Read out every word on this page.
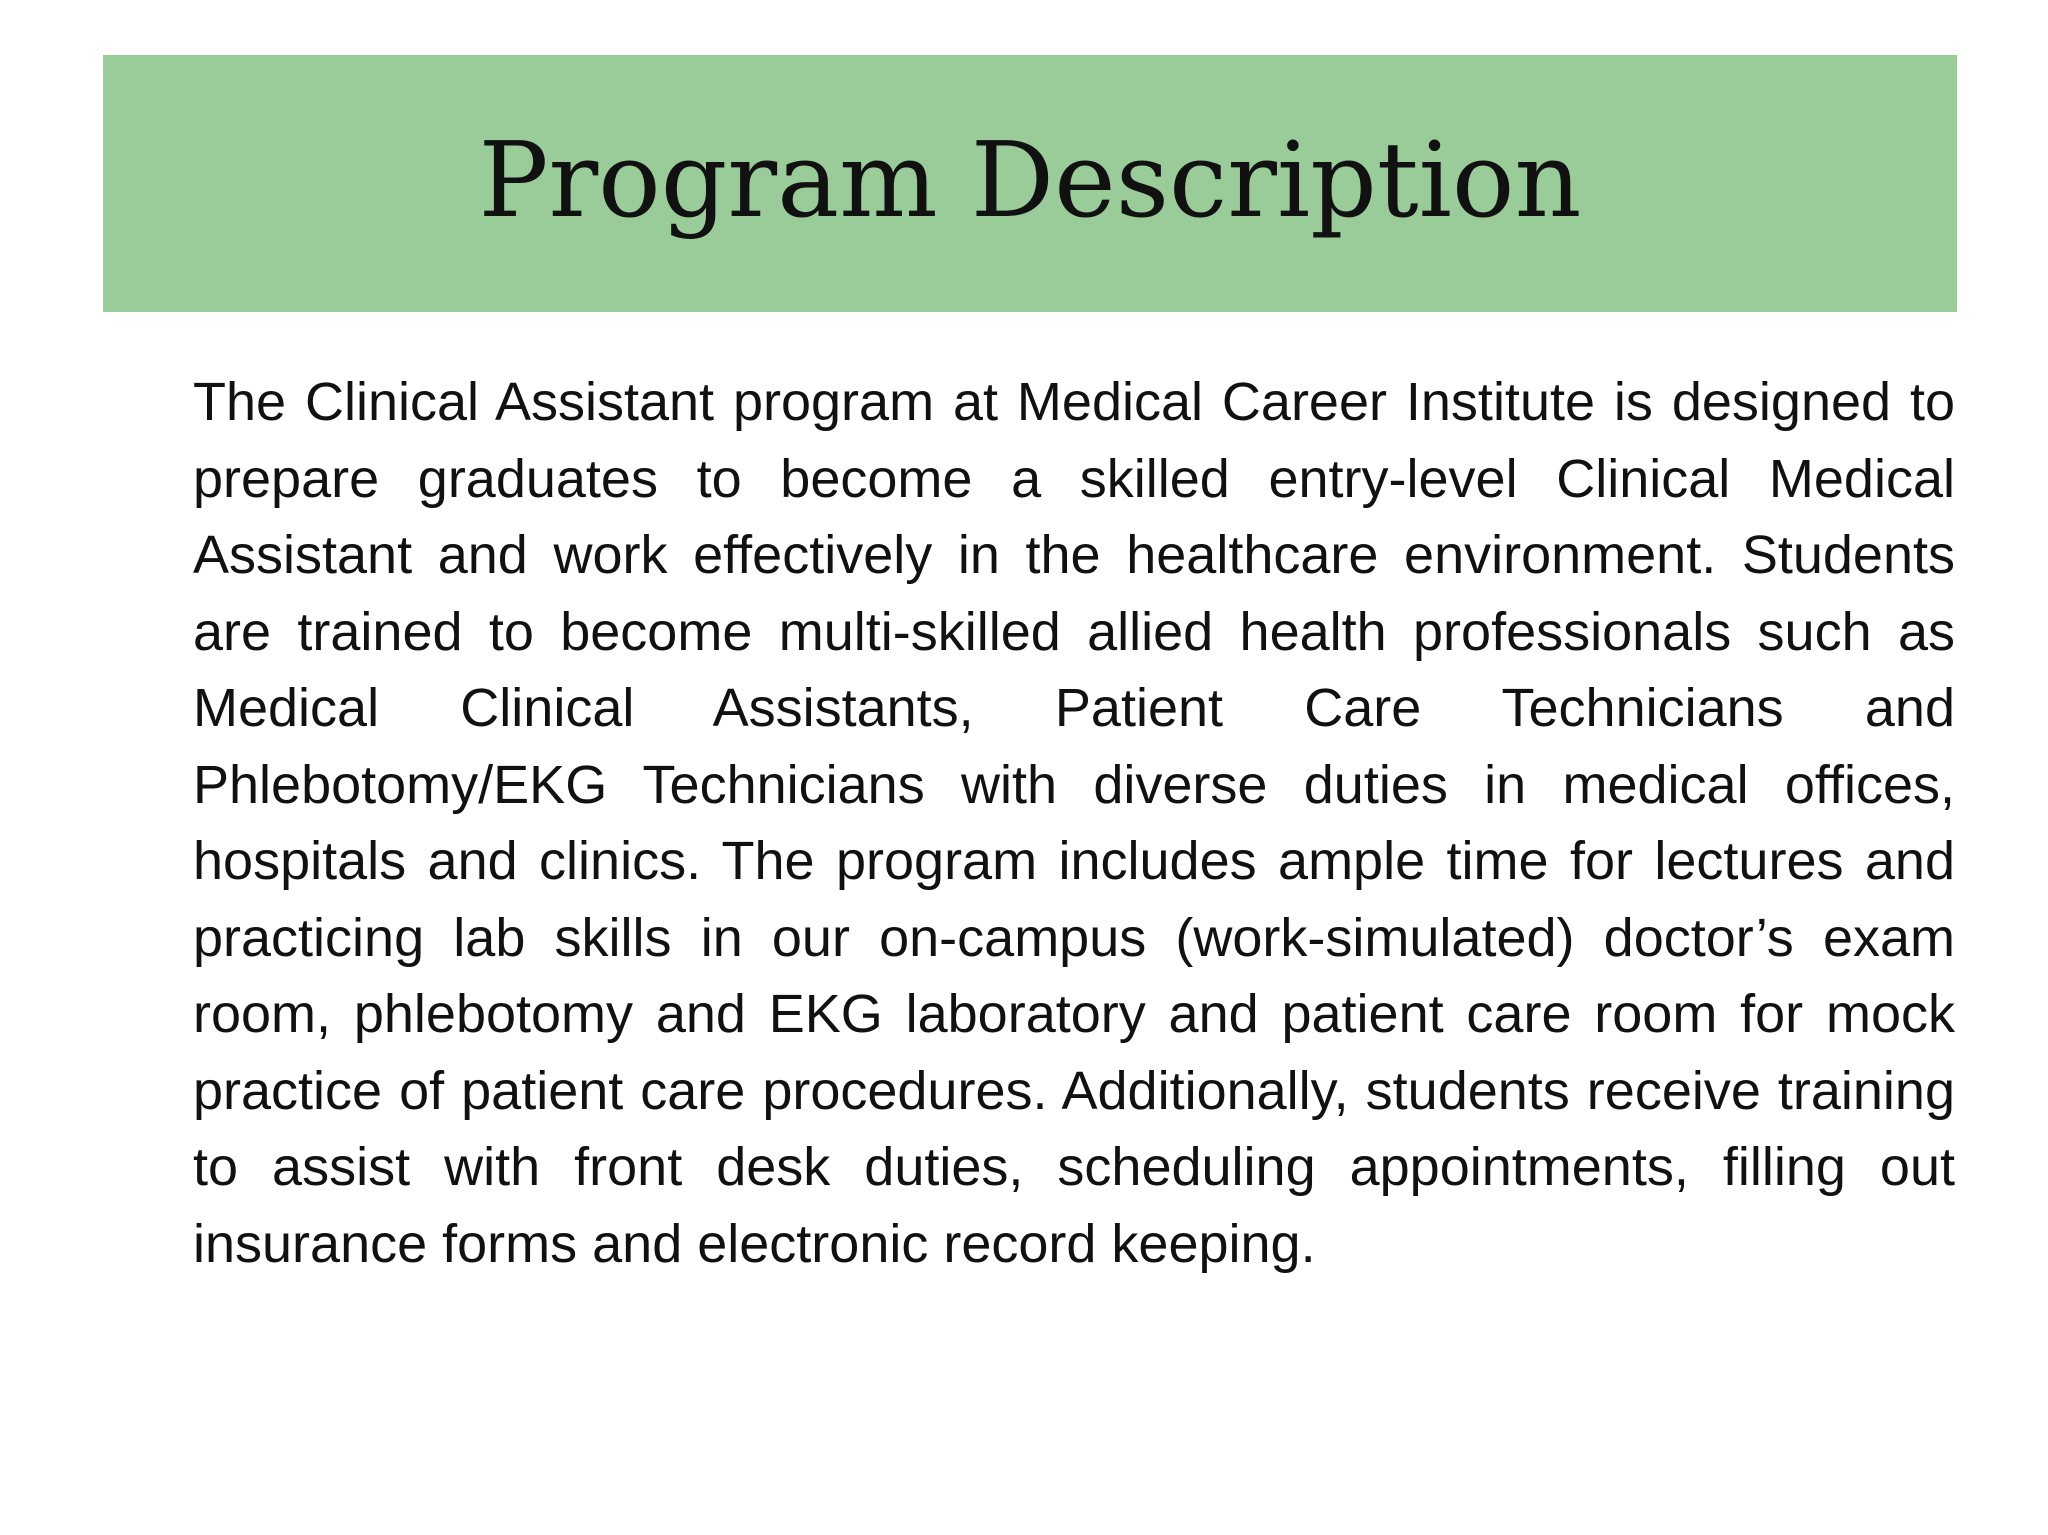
Program Description

The Clinical Assistant program at Medical Career Institute is designed to prepare graduates to become a skilled entry-level Clinical Medical Assistant and work effectively in the healthcare environment. Students are trained to become multi-skilled allied health professionals such as Medical Clinical Assistants, Patient Care Technicians and Phlebotomy/EKG Technicians with diverse duties in medical offices, hospitals and clinics. The program includes ample time for lectures and practicing lab skills in our on-campus (work-simulated) doctor’s exam room, phlebotomy and EKG laboratory and patient care room for mock practice of patient care procedures. Additionally, students receive training to assist with front desk duties, scheduling appointments, filling out insurance forms and electronic record keeping.
